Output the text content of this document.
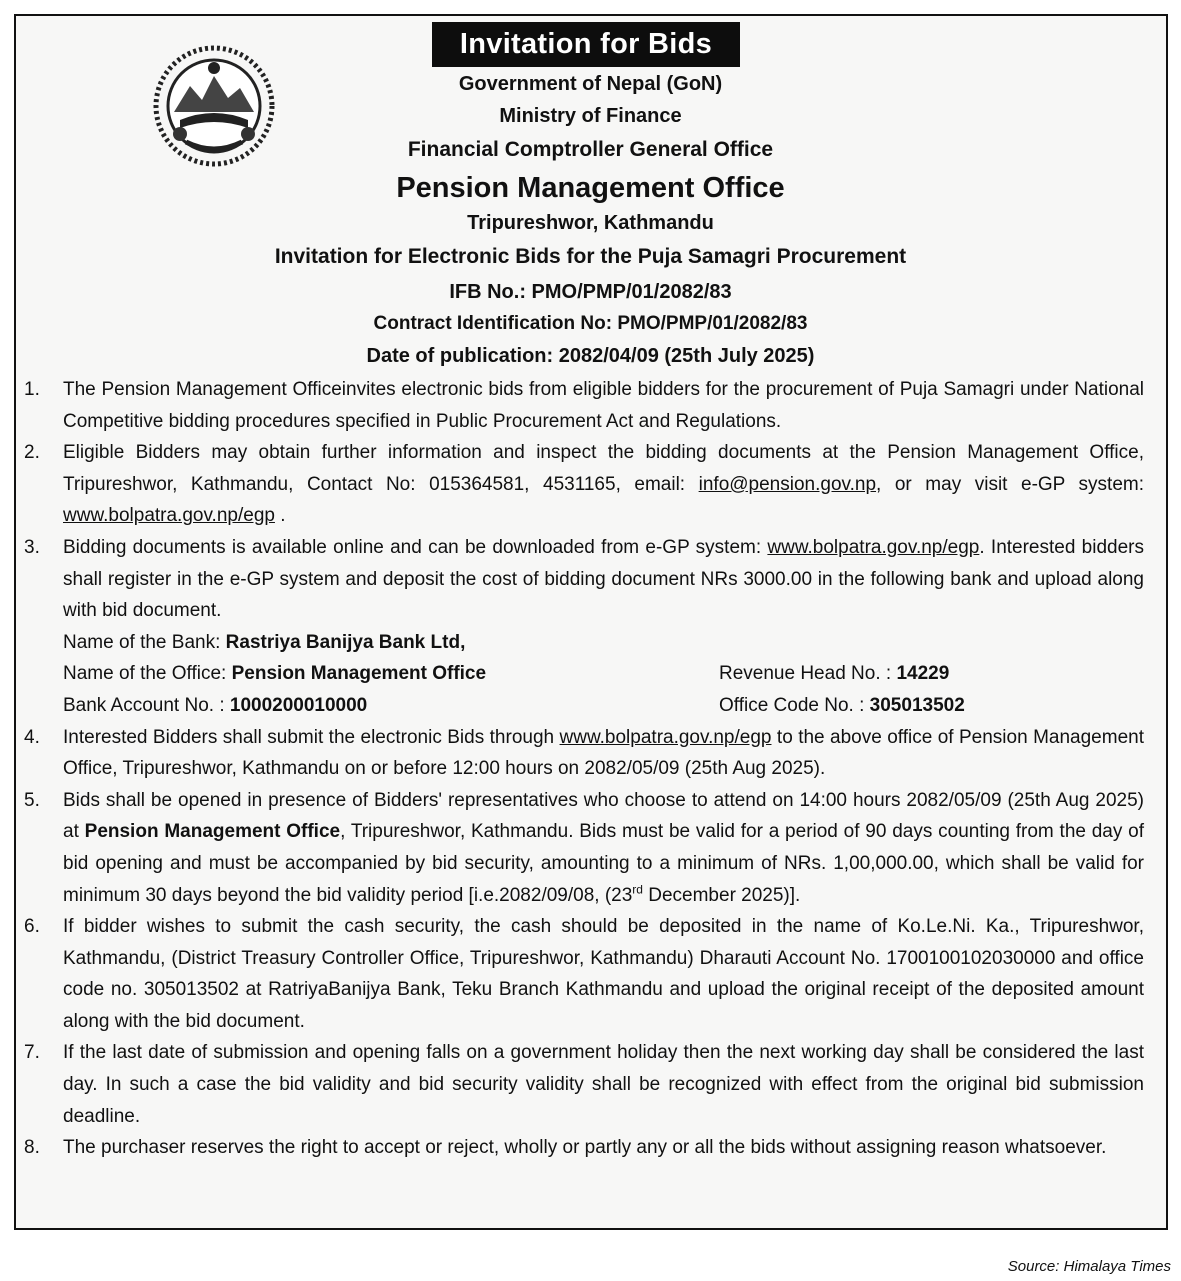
Invitation for Bids
Government of Nepal (GoN)
Ministry of Finance
Financial Comptroller General Office
Pension Management Office
Tripureshwor, Kathmandu
Invitation for Electronic Bids for the Puja Samagri Procurement
IFB No.: PMO/PMP/01/2082/83
Contract Identification No: PMO/PMP/01/2082/83
Date of publication: 2082/04/09 (25th July 2025)
1.	The Pension Management Officeinvites electronic bids from eligible bidders for the procurement of Puja Samagri under National Competitive bidding procedures specified in Public Procurement Act and Regulations.
2.	Eligible Bidders may obtain further information and inspect the bidding documents at the Pension Management Office, Tripureshwor, Kathmandu, Contact No: 015364581, 4531165, email: info@pension.gov.np, or may visit e-GP system: www.bolpatra.gov.np/egp .
3.	Bidding documents is available online and can be downloaded from e-GP system: www.bolpatra.gov.np/egp. Interested bidders shall register in the e-GP system and deposit the cost of bidding document NRs 3000.00 in the following bank and upload along with bid document.
Name of the Bank: Rastriya Banijya Bank Ltd,
Name of the Office: Pension Management Office	Revenue Head No. : 14229
Bank Account No. : 1000200010000	Office Code No. : 305013502
4.	Interested Bidders shall submit the electronic Bids through www.bolpatra.gov.np/egp to the above office of Pension Management Office, Tripureshwor, Kathmandu on or before 12:00 hours on 2082/05/09 (25th Aug 2025).
5.	Bids shall be opened in presence of Bidders' representatives who choose to attend on 14:00 hours 2082/05/09 (25th Aug 2025) at Pension Management Office, Tripureshwor, Kathmandu. Bids must be valid for a period of 90 days counting from the day of bid opening and must be accompanied by bid security, amounting to a minimum of NRs. 1,00,000.00, which shall be valid for minimum 30 days beyond the bid validity period [i.e.2082/09/08, (23rd December 2025)].
6.	If bidder wishes to submit the cash security, the cash should be deposited in the name of Ko.Le.Ni. Ka., Tripureshwor, Kathmandu, (District Treasury Controller Office, Tripureshwor, Kathmandu) Dharauti Account No. 1700100102030000 and office code no. 305013502 at RatriyaBanijya Bank, Teku Branch Kathmandu and upload the original receipt of the deposited amount along with the bid document.
7.	If the last date of submission and opening falls on a government holiday then the next working day shall be considered the last day. In such a case the bid validity and bid security validity shall be recognized with effect from the original bid submission deadline.
8.	The purchaser reserves the right to accept or reject, wholly or partly any or all the bids without assigning reason whatsoever.
Source: Himalaya Times
